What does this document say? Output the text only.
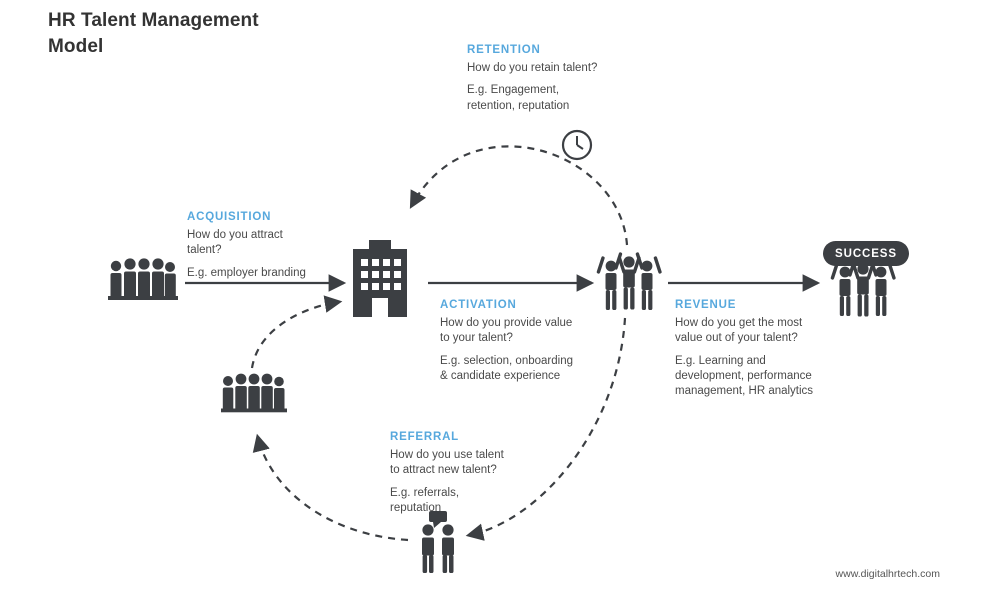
HR Talent Management
Model
SUCCESS
ACQUISITION
How do you attract
talent?
E.g. employer branding
RETENTION
How do you retain talent?
E.g. Engagement,
retention, reputation
ACTIVATION
How do you provide value
to your talent?
E.g. selection, onboarding
& candidate experience
REVENUE
How do you get the most
value out of your talent?
E.g. Learning and
development, performance
management, HR analytics
REFERRAL
How do you use talent
to attract new talent?
E.g. referrals,
reputation
www.digitalhrtech.com
